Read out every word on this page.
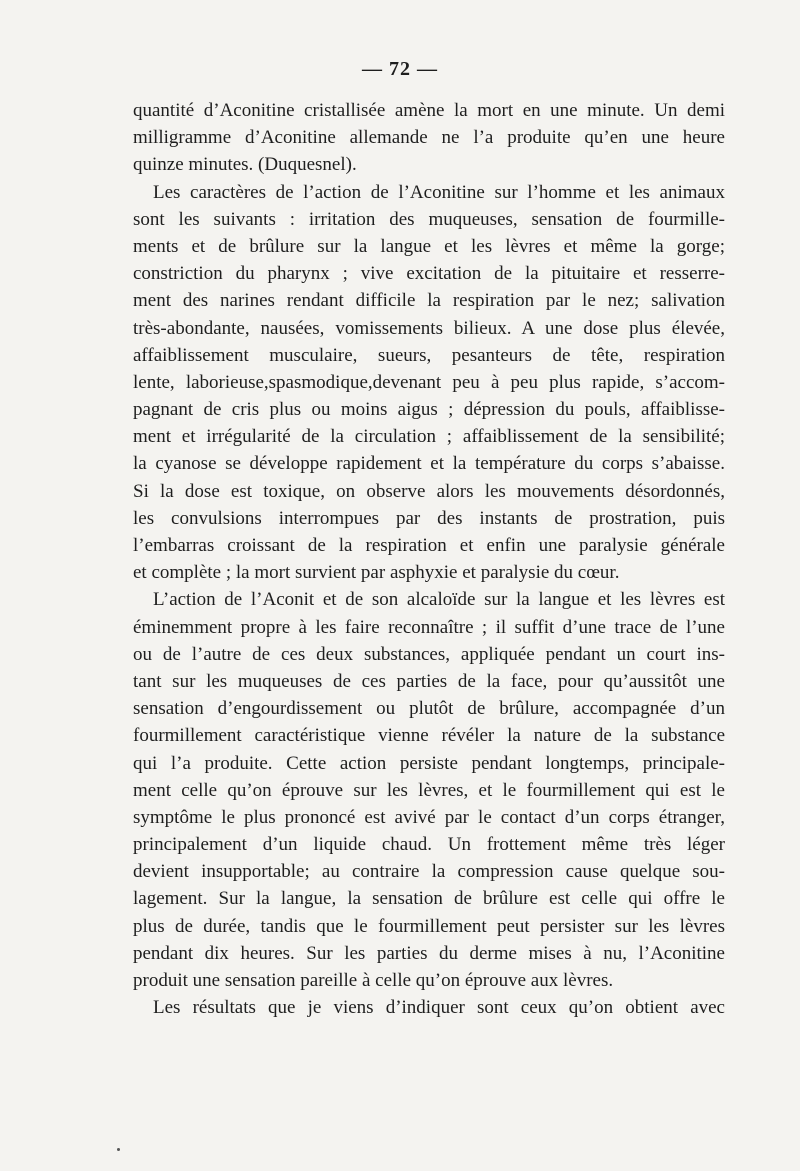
— 72 —
quantité d’Aconitine cristallisée amène la mort en une minute. Un demi
milligramme d’Aconitine allemande ne l’a produite qu’en une heure
quinze minutes. (Duquesnel).
Les caractères de l’action de l’Aconitine sur l’homme et les animaux
sont les suivants : irritation des muqueuses, sensation de fourmille-
ments et de brûlure sur la langue et les lèvres et même la gorge;
constriction du pharynx ; vive excitation de la pituitaire et resserre-
ment des narines rendant difficile la respiration par le nez; salivation
très-abondante, nausées, vomissements bilieux. A une dose plus élevée,
affaiblissement musculaire, sueurs, pesanteurs de tête, respiration
lente, laborieuse,spasmodique,devenant peu à peu plus rapide, s’accom-
pagnant de cris plus ou moins aigus ; dépression du pouls, affaiblisse-
ment et irrégularité de la circulation ; affaiblissement de la sensibilité;
la cyanose se développe rapidement et la température du corps s’abaisse.
Si la dose est toxique, on observe alors les mouvements désordonnés,
les convulsions interrompues par des instants de prostration, puis
l’embarras croissant de la respiration et enfin une paralysie générale
et complète ; la mort survient par asphyxie et paralysie du cœur.
L’action de l’Aconit et de son alcaloïde sur la langue et les lèvres est
éminemment propre à les faire reconnaître ; il suffit d’une trace de l’une
ou de l’autre de ces deux substances, appliquée pendant un court ins-
tant sur les muqueuses de ces parties de la face, pour qu’aussitôt une
sensation d’engourdissement ou plutôt de brûlure, accompagnée d’un
fourmillement caractéristique vienne révéler la nature de la substance
qui l’a produite. Cette action persiste pendant longtemps, principale-
ment celle qu’on éprouve sur les lèvres, et le fourmillement qui est le
symptôme le plus prononcé est avivé par le contact d’un corps étranger,
principalement d’un liquide chaud. Un frottement même très léger
devient insupportable; au contraire la compression cause quelque sou-
lagement. Sur la langue, la sensation de brûlure est celle qui offre le
plus de durée, tandis que le fourmillement peut persister sur les lèvres
pendant dix heures. Sur les parties du derme mises à nu, l’Aconitine
produit une sensation pareille à celle qu’on éprouve aux lèvres.
Les résultats que je viens d’indiquer sont ceux qu’on obtient avec
